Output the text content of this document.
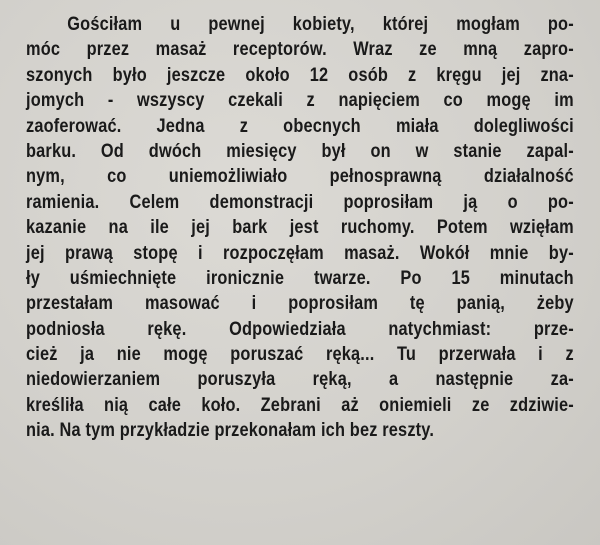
Gościłam u pewnej kobiety, której mogłam po-
móc przez masaż receptorów. Wraz ze mną zapro-
szonych było jeszcze około 12 osób z kręgu jej zna-
jomych - wszyscy czekali z napięciem co mogę im
zaoferować. Jedna z obecnych miała dolegliwości
barku. Od dwóch miesięcy był on w stanie zapal-
nym, co uniemożliwiało pełnosprawną działalność
ramienia. Celem demonstracji poprosiłam ją o po-
kazanie na ile jej bark jest ruchomy. Potem wzięłam
jej prawą stopę i rozpoczęłam masaż. Wokół mnie by-
ły uśmiechnięte ironicznie twarze. Po 15 minutach
przestałam masować i poprosiłam tę panią, żeby
podniosła rękę. Odpowiedziała natychmiast: prze-
cież ja nie mogę poruszać ręką... Tu przerwała i z
niedowierzaniem poruszyła ręką, a następnie za-
kreśliła nią całe koło. Zebrani aż oniemieli ze zdziwie-
nia. Na tym przykładzie przekonałam ich bez reszty.
